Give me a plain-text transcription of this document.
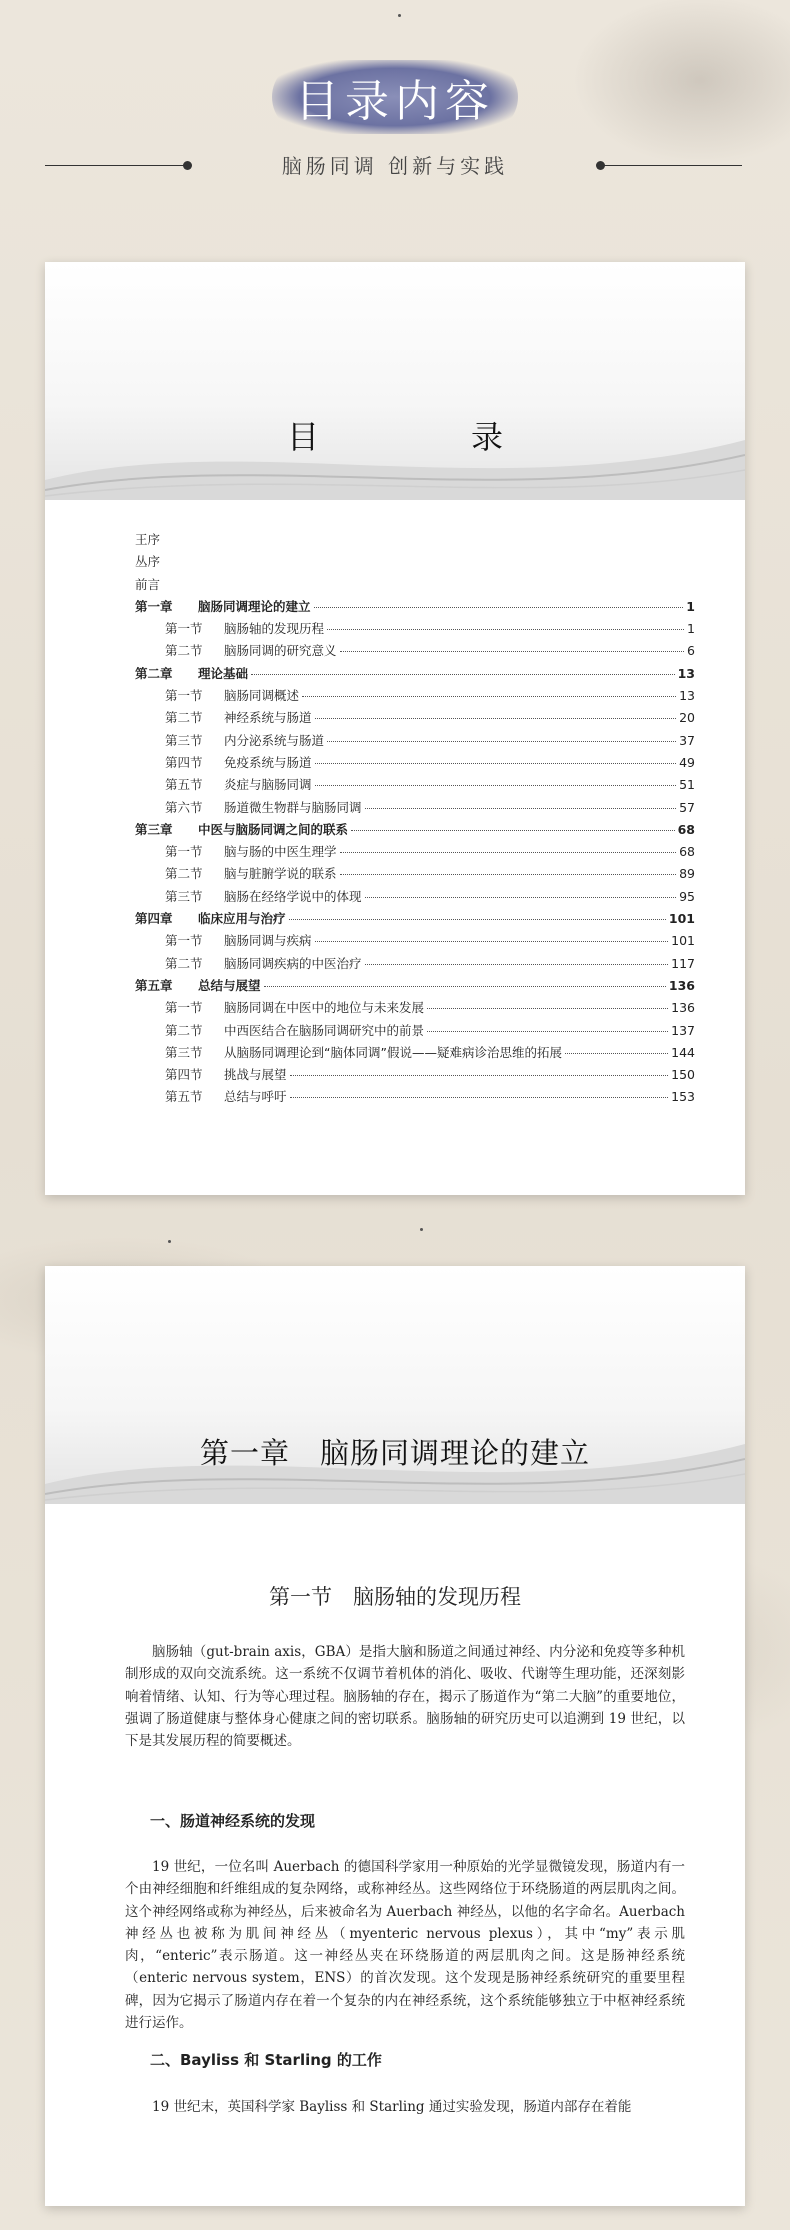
目录内容
脑肠同调 创新与实践
目　录
王序
丛序
前言
第一章	脑肠同调理论的建立	1
第一节	脑肠轴的发现历程	1
第二节	脑肠同调的研究意义	6
第二章	理论基础	13
第一节	脑肠同调概述	13
第二节	神经系统与肠道	20
第三节	内分泌系统与肠道	37
第四节	免疫系统与肠道	49
第五节	炎症与脑肠同调	51
第六节	肠道微生物群与脑肠同调	57
第三章	中医与脑肠同调之间的联系	68
第一节	脑与肠的中医生理学	68
第二节	脑与脏腑学说的联系	89
第三节	脑肠在经络学说中的体现	95
第四章	临床应用与治疗	101
第一节	脑肠同调与疾病	101
第二节	脑肠同调疾病的中医治疗	117
第五章	总结与展望	136
第一节	脑肠同调在中医中的地位与未来发展	136
第二节	中西医结合在脑肠同调研究中的前景	137
第三节	从脑肠同调理论到“脑体同调”假说——疑难病诊治思维的拓展	144
第四节	挑战与展望	150
第五节	总结与呼吁	153
第一章　脑肠同调理论的建立
第一节　脑肠轴的发现历程

脑肠轴（gut-brain axis，GBA）是指大脑和肠道之间通过神经、内分泌和免疫等多种机制形成的双向交流系统。这一系统不仅调节着机体的消化、吸收、代谢等生理功能，还深刻影响着情绪、认知、行为等心理过程。脑肠轴的存在，揭示了肠道作为“第二大脑”的重要地位，强调了肠道健康与整体身心健康之间的密切联系。脑肠轴的研究历史可以追溯到 19 世纪，以下是其发展历程的简要概述。

一、肠道神经系统的发现

19 世纪，一位名叫 Auerbach 的德国科学家用一种原始的光学显微镜发现，肠道内有一个由神经细胞和纤维组成的复杂网络，或称神经丛。这些网络位于环绕肠道的两层肌肉之间。这个神经网络或称为神经丛，后来被命名为 Auerbach 神经丛，以他的名字命名。Auerbach 神经丛也被称为肌间神经丛（myenteric nervous plexus），其中“my”表示肌肉，“enteric”表示肠道。这一神经丛夹在环绕肠道的两层肌肉之间。这是肠神经系统（enteric nervous system，ENS）的首次发现。这个发现是肠神经系统研究的重要里程碑，因为它揭示了肠道内存在着一个复杂的内在神经系统，这个系统能够独立于中枢神经系统进行运作。

二、Bayliss 和 Starling 的工作

19 世纪末，英国科学家 Bayliss 和 Starling 通过实验发现，肠道内部存在着能
